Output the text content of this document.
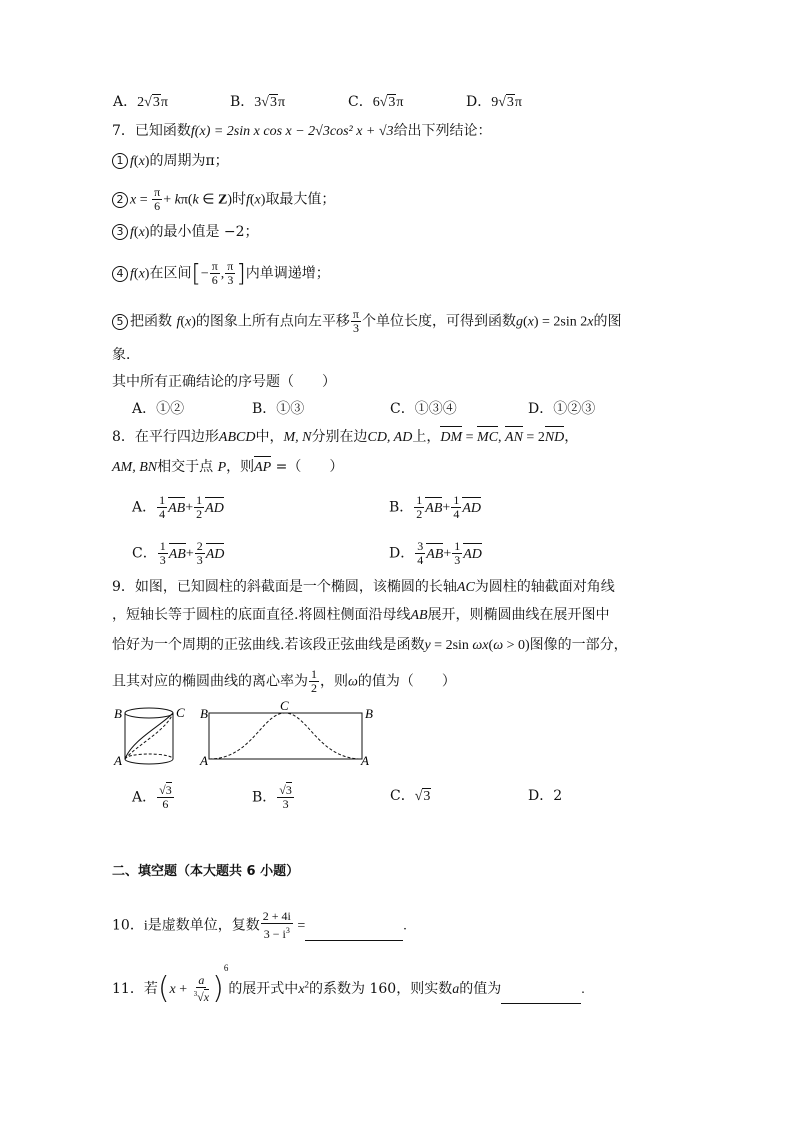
A．2√3π	B．3√3π	C．6√3π	D．9√3π
7．已知函数f(x) = 2sin x cos x − 2√3cos² x + √3给出下列结论：
1 f(x)的周期为π；
2 $x = \frac{\pi}{6} + k\pi(k$ ∈ Z)时f(x)取最大值；
3 f(x)的最小值是 −2；
4 f(x)在区间[− $\frac{\pi}{6}$ , $\frac{\pi}{3}$ ]内单调递增；
5 把函数 f(x)的图象上所有点向左平移 $\frac{\pi}{3}$ 个单位长度，可得到函数g(x) = 2sin 2x的图
象．
其中所有正确结论的序号题（　　）
A．①②	B．①③	C．①③④	D．①②③
8．在平行四边形ABCD中，M, N分别在边CD, AD上，DM = MC, AN = 2ND，
AM, BN相交于点 P，则AP =（　　）
A． $\frac{1}{4} AB+ \frac{1}{2}$ AD	B． $\frac{1}{2} AB+ \frac{1}{4}$ AD
C． $\frac{1}{3} AB+ \frac{2}{3}$ AD	D． $\frac{3}{4} AB+ \frac{1}{3}$ AD
9．如图，已知圆柱的斜截面是一个椭圆，该椭圆的长轴AC为圆柱的轴截面对角线
，短轴长等于圆柱的底面直径.将圆柱侧面沿母线AB展开，则椭圆曲线在展开图中
恰好为一个周期的正弦曲线.若该段正弦曲线是函数y = 2sin ωx(ω > 0)图像的一部分，
且其对应的椭圆曲线的离心率为 $\frac{1}{2}$ ，则ω的值为（　　）
B	C
A
B
C
B
A	A
A． $\frac{√3}{6}$	B． $\frac{√3}{3}$	C．√3	D．2
二、填空题（本大题共 6 小题）
10．i是虚数单位，复数 $\frac{2 + 4i}{3 - i^3}$ =	.
11．若$(x + \frac{a}{^3√x} )^6$的展开式中$x^2$的系数为 160，则实数a的值为	.
